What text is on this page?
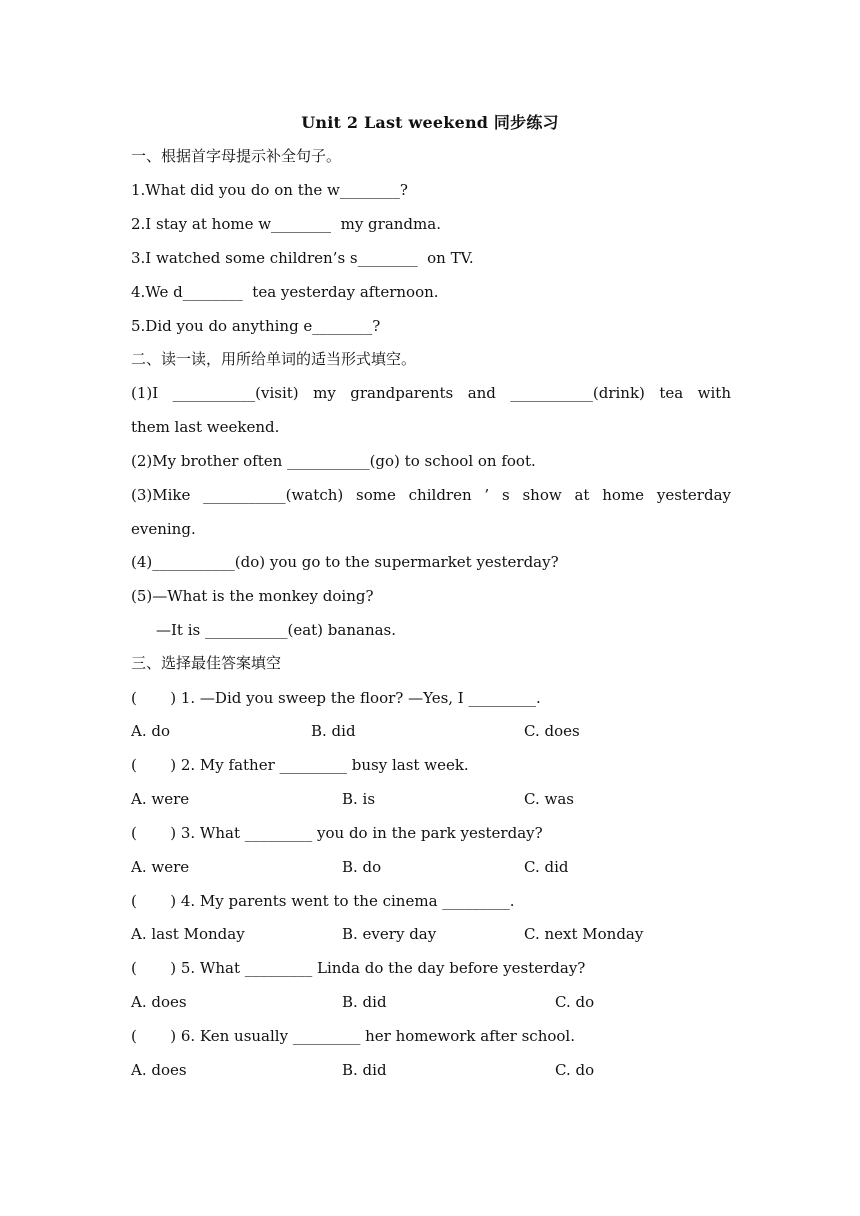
Unit 2 Last weekend 同步练习
一、根据首字母提示补全句子。
1.What did you do on the w________?
2.I stay at home w________  my grandma.
3.I watched some children’s s________  on TV.
4.We d________  tea yesterday afternoon.
5.Did you do anything e________?
二、读一读，用所给单词的适当形式填空。
(1)I ___________(visit) my grandparents and ___________(drink) tea with
them last weekend.
(2)My brother often ___________(go) to school on foot.
(3)Mike ___________(watch) some children ’ s show at home yesterday
evening.
(4)___________(do) you go to the supermarket yesterday?
(5)—What is the monkey doing?
—It is ___________(eat) bananas.
三、选择最佳答案填空
(       ) 1. —Did you sweep the floor? —Yes, I _________.
A. do	B. did	C. does
(       ) 2. My father _________ busy last week.
A. were	B. is	C. was
(       ) 3. What _________ you do in the park yesterday?
A. were	B. do	C. did
(       ) 4. My parents went to the cinema _________.
A. last Monday	B. every day	C. next Monday
(       ) 5. What _________ Linda do the day before yesterday?
A. does	B. did	C. do
(       ) 6. Ken usually _________ her homework after school.
A. does	B. did	C. do
